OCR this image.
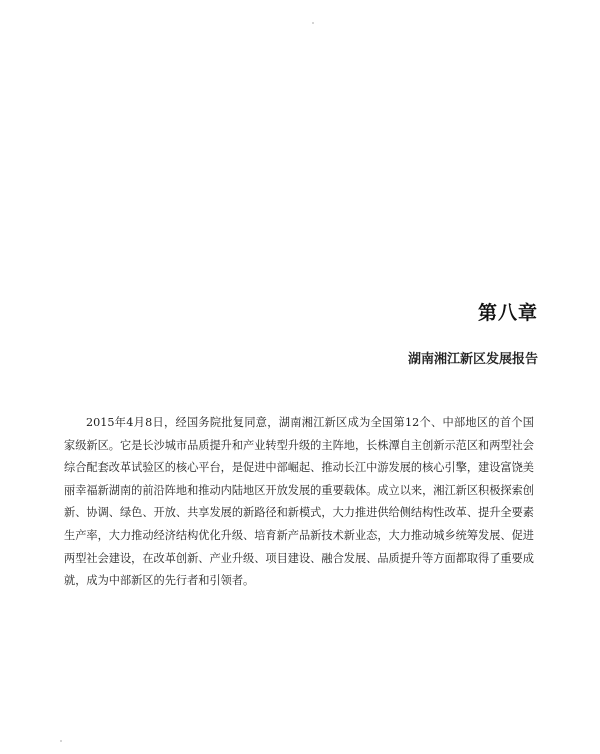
第八章
湖南湘江新区发展报告

2015年4月8日，经国务院批复同意，湖南湘江新区成为全国第12个、中部地区的首个国家级新区。它是长沙城市品质提升和产业转型升级的主阵地，长株潭自主创新示范区和两型社会综合配套改革试验区的核心平台，是促进中部崛起、推动长江中游发展的核心引擎，建设富饶美丽幸福新湖南的前沿阵地和推动内陆地区开放发展的重要载体。成立以来，湘江新区积极探索创新、协调、绿色、开放、共享发展的新路径和新模式，大力推进供给侧结构性改革、提升全要素生产率，大力推动经济结构优化升级、培育新产品新技术新业态，大力推动城乡统筹发展、促进两型社会建设，在改革创新、产业升级、项目建设、融合发展、品质提升等方面都取得了重要成就，成为中部新区的先行者和引领者。
